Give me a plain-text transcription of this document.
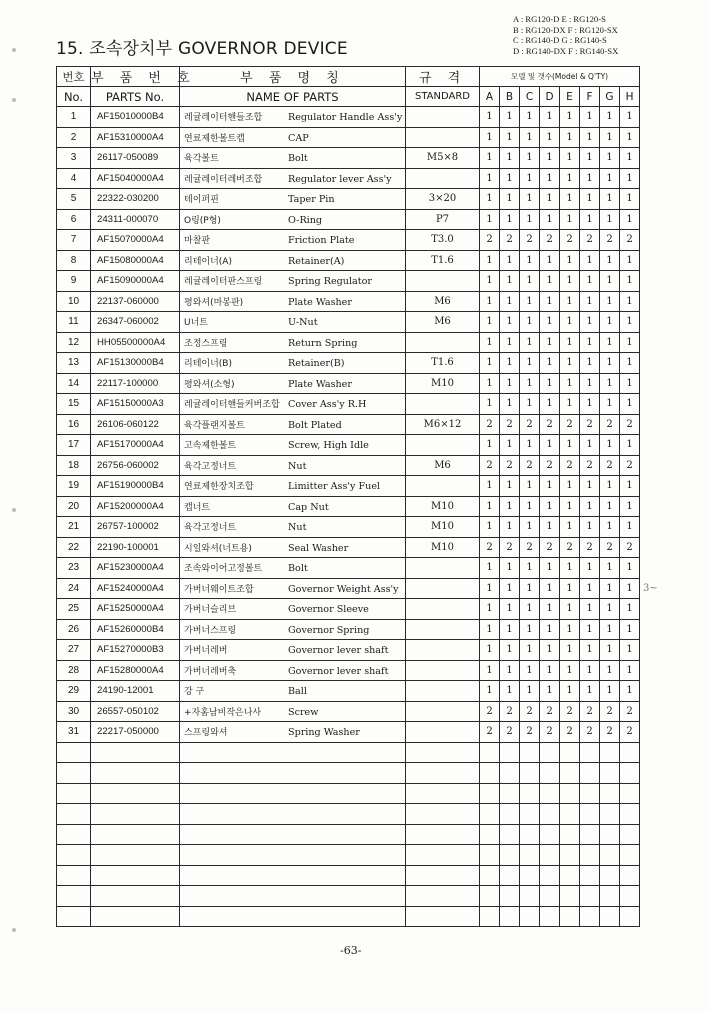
15. 조속장치부 GOVERNOR DEVICE
A : RG120-D E : RG120-S
B : RG120-DX F : RG120-SX
C : RG140-D G : RG140-S
D : RG140-DX F : RG140-SX
번호	부 품 번 호	부 품 명 칭	규 격	모델 및 갯수(Model & Q'TY)							
No.	PARTS No.	NAME OF PARTS	STANDARD	A	B	C	D	E	F	G	H
1	AF15010000B4	레귤레이터핸들조합 Regulator Handle Ass'y		1	1	1	1	1	1	1	1
2	AF15310000A4	연료제한볼트캡 CAP		1	1	1	1	1	1	1	1
3	26117-050089	육각볼트 Bolt	M5×8	1	1	1	1	1	1	1	1
4	AF15040000A4	레귤레이터레버조합 Regulator lever Ass'y		1	1	1	1	1	1	1	1
5	22322-030200	테이퍼핀 Taper Pin	3×20	1	1	1	1	1	1	1	1
6	24311-000070	O링(P형) O-Ring	P7	1	1	1	1	1	1	1	1
7	AF15070000A4	마찰판 Friction Plate	T3.0	2	2	2	2	2	2	2	2
8	AF15080000A4	리테이너(A) Retainer(A)	T1.6	1	1	1	1	1	1	1	1
9	AF15090000A4	레귤레이터판스프링 Spring Regulator		1	1	1	1	1	1	1	1
10	22137-060000	평와셔(마봉판) Plate Washer	M6	1	1	1	1	1	1	1	1
11	26347-060002	U너트 U-Nut	M6	1	1	1	1	1	1	1	1
12	HH05500000A4	조정스프링 Return Spring		1	1	1	1	1	1	1	1
13	AF15130000B4	리테이너(B) Retainer(B)	T1.6	1	1	1	1	1	1	1	1
14	22117-100000	평와셔(소형) Plate Washer	M10	1	1	1	1	1	1	1	1
15	AF15150000A3	레귤레이터핸들커버조합 Cover Ass'y R.H		1	1	1	1	1	1	1	1
16	26106-060122	육각플랜지볼트 Bolt Plated	M6×12	2	2	2	2	2	2	2	2
17	AF15170000A4	고속제한볼트 Screw, High Idle		1	1	1	1	1	1	1	1
18	26756-060002	육각고정너트 Nut	M6	2	2	2	2	2	2	2	2
19	AF15190000B4	연료제한장치조합 Limitter Ass'y Fuel		1	1	1	1	1	1	1	1
20	AF15200000A4	캡너트 Cap Nut	M10	1	1	1	1	1	1	1	1
21	26757-100002	육각고정너트 Nut	M10	1	1	1	1	1	1	1	1
22	22190-100001	시일와셔(너트용) Seal Washer	M10	2	2	2	2	2	2	2	2
23	AF15230000A4	조속와이어고정볼트 Bolt		1	1	1	1	1	1	1	1
24	AF15240000A4	가버너웨이트조합 Governor Weight Ass'y		1	1	1	1	1	1	1	1
25	AF15250000A4	가버너슬리브 Governor Sleeve		1	1	1	1	1	1	1	1
26	AF15260000B4	가버너스프링 Governor Spring		1	1	1	1	1	1	1	1
27	AF15270000B3	가버너레버 Governor lever shaft		1	1	1	1	1	1	1	1
28	AF15280000A4	가버너레버축 Governor lever shaft		1	1	1	1	1	1	1	1
29	24190-12001	강 구 Ball		1	1	1	1	1	1	1	1
30	26557-050102	+자홈남비작은나사 Screw		2	2	2	2	2	2	2	2
31	22217-050000	스프링와셔 Spring Washer		2	2	2	2	2	2	2	2

3~
-63-
